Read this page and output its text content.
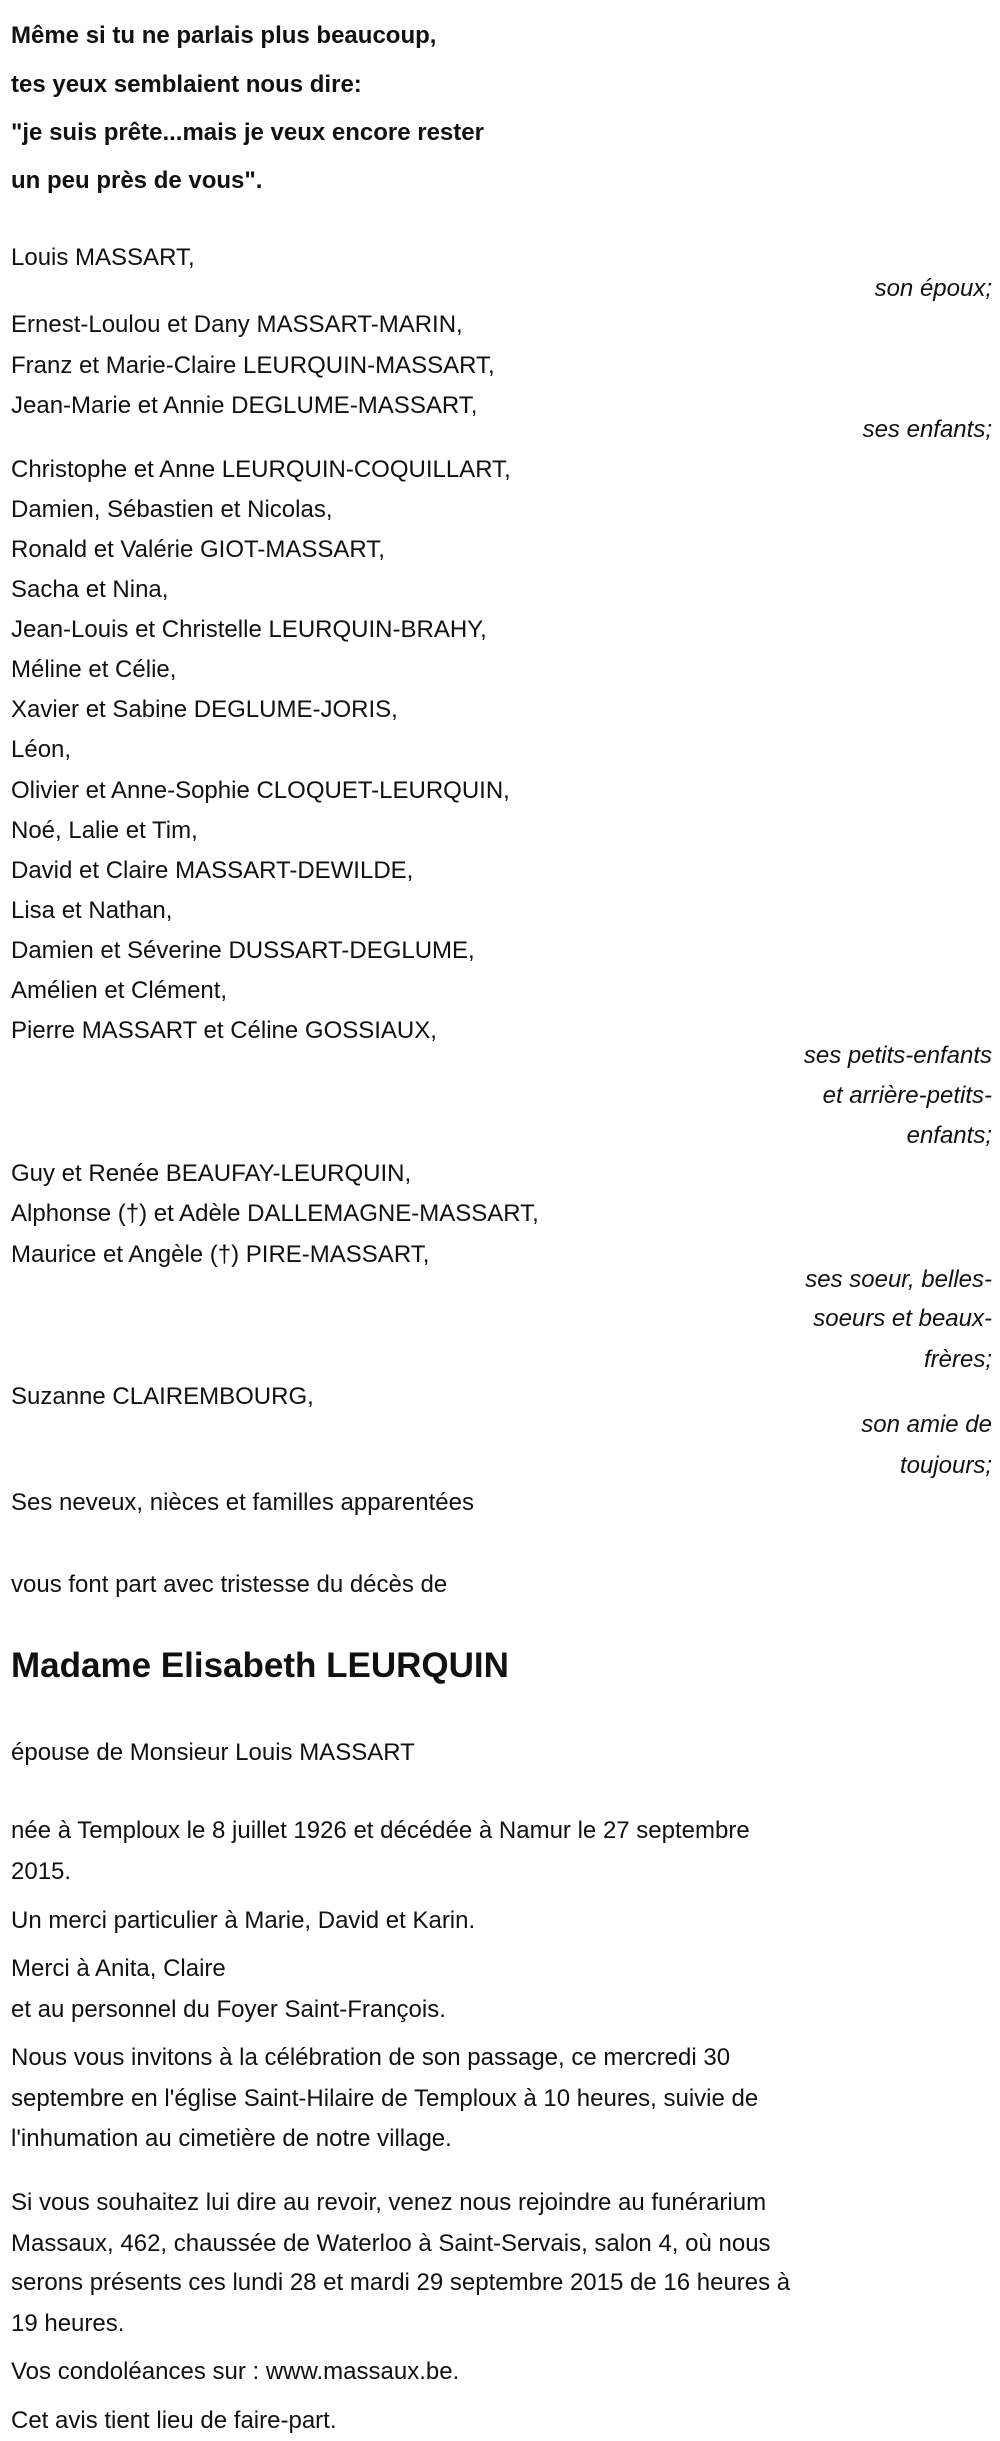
Même si tu ne parlais plus beaucoup,
tes yeux semblaient nous dire:
"je suis prête...mais je veux encore rester
un peu près de vous".
Louis MASSART,
son époux;
Ernest-Loulou et Dany MASSART-MARIN,
Franz et Marie-Claire LEURQUIN-MASSART,
Jean-Marie et Annie DEGLUME-MASSART,
ses enfants;
Christophe et Anne LEURQUIN-COQUILLART,
Damien, Sébastien et Nicolas,
Ronald et Valérie GIOT-MASSART,
Sacha et Nina,
Jean-Louis et Christelle LEURQUIN-BRAHY,
Méline et Célie,
Xavier et Sabine DEGLUME-JORIS,
Léon,
Olivier et Anne-Sophie CLOQUET-LEURQUIN,
Noé, Lalie et Tim,
David et Claire MASSART-DEWILDE,
Lisa et Nathan,
Damien et Séverine DUSSART-DEGLUME,
Amélien et Clément,
Pierre MASSART et Céline GOSSIAUX,
ses petits-enfants
et arrière-petits-
enfants;
Guy et Renée BEAUFAY-LEURQUIN,
Alphonse (†) et Adèle DALLEMAGNE-MASSART,
Maurice et Angèle (†) PIRE-MASSART,
ses soeur, belles-
soeurs et beaux-
frères;
Suzanne CLAIREMBOURG,
son amie de
toujours;
Ses neveux, nièces et familles apparentées
vous font part avec tristesse du décès de
Madame Elisabeth LEURQUIN
épouse de Monsieur Louis MASSART
née à Temploux le 8 juillet 1926 et décédée à Namur le 27 septembre
2015.
Un merci particulier à Marie, David et Karin.
Merci à Anita, Claire
et au personnel du Foyer Saint-François.
Nous vous invitons à la célébration de son passage, ce mercredi 30
septembre en l'église Saint-Hilaire de Temploux à 10 heures, suivie de
l'inhumation au cimetière de notre village.
Si vous souhaitez lui dire au revoir, venez nous rejoindre au funérarium
Massaux, 462, chaussée de Waterloo à Saint-Servais, salon 4, où nous
serons présents ces lundi 28 et mardi 29 septembre 2015 de 16 heures à
19 heures.
Vos condoléances sur : www.massaux.be.
Cet avis tient lieu de faire-part.
